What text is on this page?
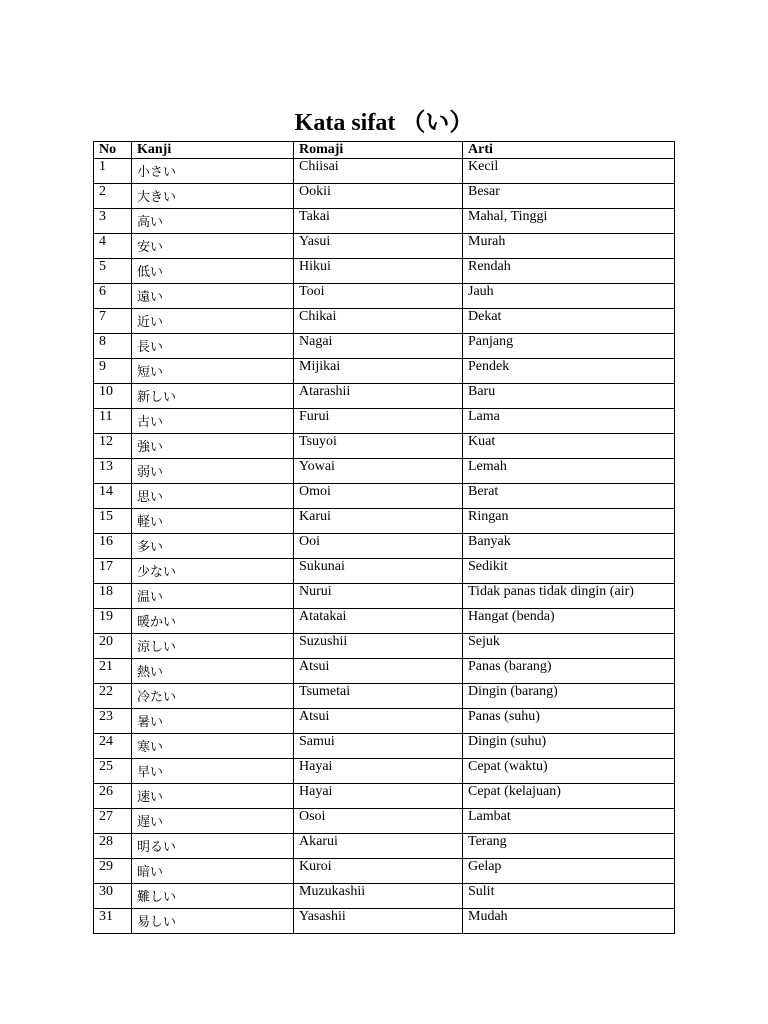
Kata sifat （い）
No	Kanji	Romaji	Arti
1	小さい	Chiisai	Kecil
2	大きい	Ookii	Besar
3	高い	Takai	Mahal, Tinggi
4	安い	Yasui	Murah
5	低い	Hikui	Rendah
6	遠い	Tooi	Jauh
7	近い	Chikai	Dekat
8	長い	Nagai	Panjang
9	短い	Mijikai	Pendek
10	新しい	Atarashii	Baru
11	古い	Furui	Lama
12	強い	Tsuyoi	Kuat
13	弱い	Yowai	Lemah
14	思い	Omoi	Berat
15	軽い	Karui	Ringan
16	多い	Ooi	Banyak
17	少ない	Sukunai	Sedikit
18	温い	Nurui	Tidak panas tidak dingin (air)
19	暖かい	Atatakai	Hangat (benda)
20	涼しい	Suzushii	Sejuk
21	熱い	Atsui	Panas (barang)
22	冷たい	Tsumetai	Dingin (barang)
23	暑い	Atsui	Panas (suhu)
24	寒い	Samui	Dingin (suhu)
25	早い	Hayai	Cepat (waktu)
26	速い	Hayai	Cepat (kelajuan)
27	遅い	Osoi	Lambat
28	明るい	Akarui	Terang
29	暗い	Kuroi	Gelap
30	難しい	Muzukashii	Sulit
31	易しい	Yasashii	Mudah
